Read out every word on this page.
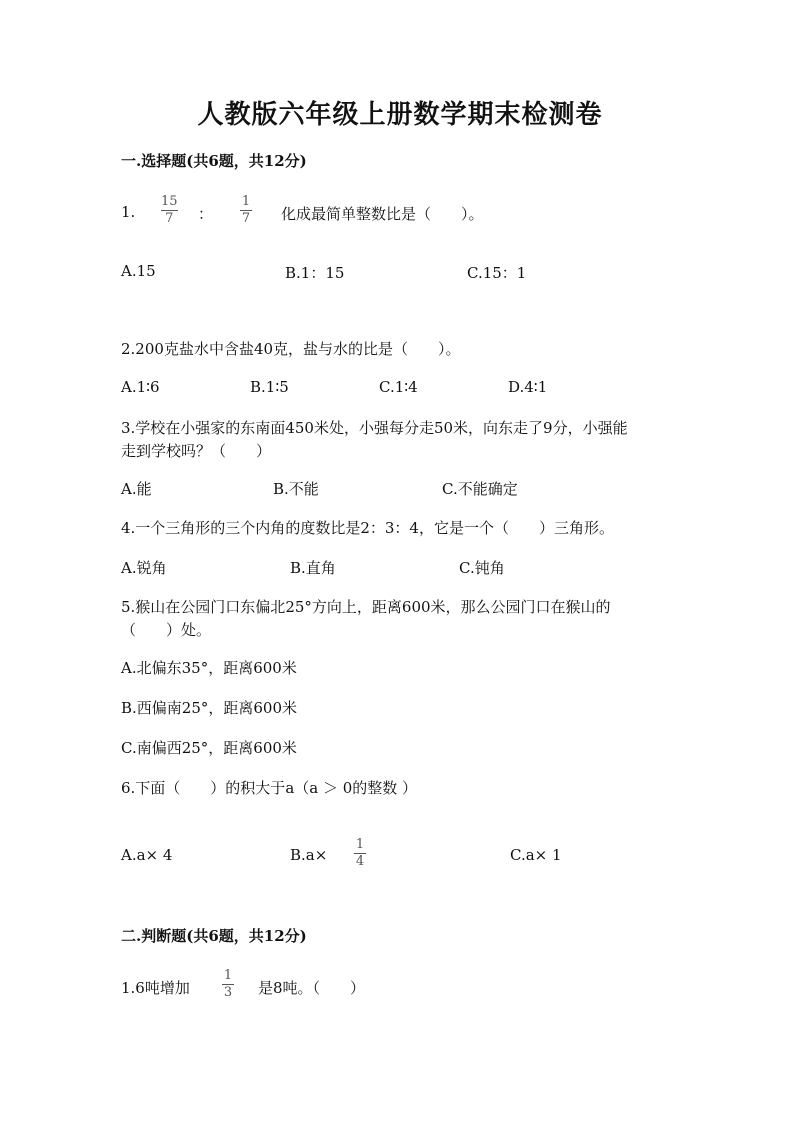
人教版六年级上册数学期末检测卷
一.选择题(共6题，共12分)
1. $\frac{15}{7}$ ： $\frac{1}{7}$ 化成最简单整数比是（　　）。
A.15	B.1：15	C.15：1
2.200克盐水中含盐40克，盐与水的比是（　　）。
A.1∶6	B.1∶5	C.1∶4	D.4∶1
3.学校在小强家的东南面450米处，小强每分走50米，向东走了9分，小强能
走到学校吗？（　　）
A.能	B.不能	C.不能确定
4.一个三角形的三个内角的度数比是2：3：4，它是一个（　　）三角形。
A.锐角	B.直角	C.钝角
5.猴山在公园门口东偏北25°方向上，距离600米，那么公园门口在猴山的
（　　）处。
A.北偏东35°，距离600米
B.西偏南25°，距离600米
C.南偏西25°，距离600米
6.下面（　　）的积大于a（a ＞ 0的整数 ）
A.a× 4	$B.a\times \frac{1}{4}$	C.a× 1
二.判断题(共6题，共12分)
1.6吨增加 $\frac{1}{3}$ 是8吨。（　　）
